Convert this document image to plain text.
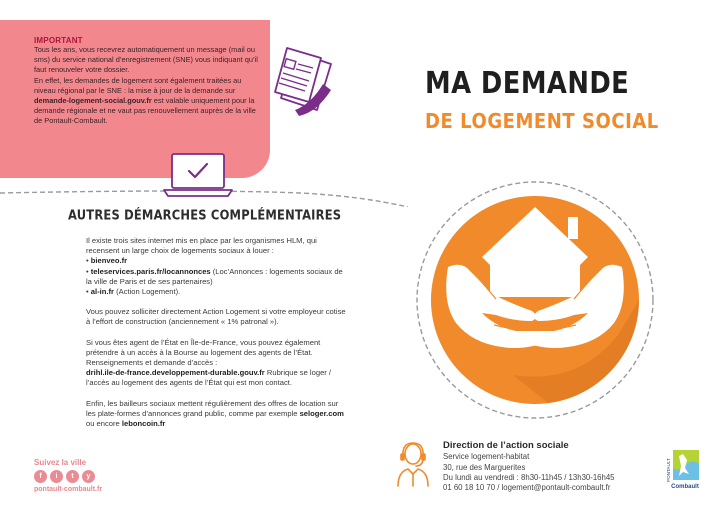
IMPORTANT

Tous les ans, vous recevrez automatiquement un message (mail ou sms) du service national d’enregistrement (SNE) vous indiquant qu’il faut renouveler votre dossier.

En effet, les demandes de logement sont également traitées au niveau régional par le SNE : la mise à jour de la demande sur demande-logement-social.gouv.fr est valable uniquement pour la demande régionale et ne vaut pas renouvellement auprès de la ville de Pontault-Combault.

AUTRES DÉMARCHES COMPLÉMENTAIRES

Il existe trois sites internet mis en place par les organismes HLM, qui recensent un large choix de logements sociaux à louer :
• bienveo.fr
• teleservices.paris.fr/locannonces (Loc’Annonces : logements sociaux de la ville de Paris et de ses partenaires)
• al-in.fr (Action Logement).

Vous pouvez solliciter directement Action Logement si votre employeur cotise à l’effort de construction (anciennement « 1% patronal »).

Si vous êtes agent de l’État en Île-de-France, vous pouvez également prétendre à un accès à la Bourse au logement des agents de l’État.
Renseignements et demande d’accès :
drihl.ile-de-france.developpement-durable.gouv.fr Rubrique se loger / l’accès au logement des agents de l’État qui est mon contact.

Enfin, les bailleurs sociaux mettent régulièrement des offres de location sur les plate-formes d’annonces grand public, comme par exemple seloger.com ou encore leboncoin.fr

Suivez la ville
f	i	t	y
pontault-combault.fr
MA DEMANDE
DE LOGEMENT SOCIAL
Direction de l’action sociale
Service logement-habitat
30, rue des Marguerites
Du lundi au vendredi : 8h30-11h45 / 13h30-16h45
01 60 18 10 70 / logement@pontault-combault.fr
PONTAULT
Combault
